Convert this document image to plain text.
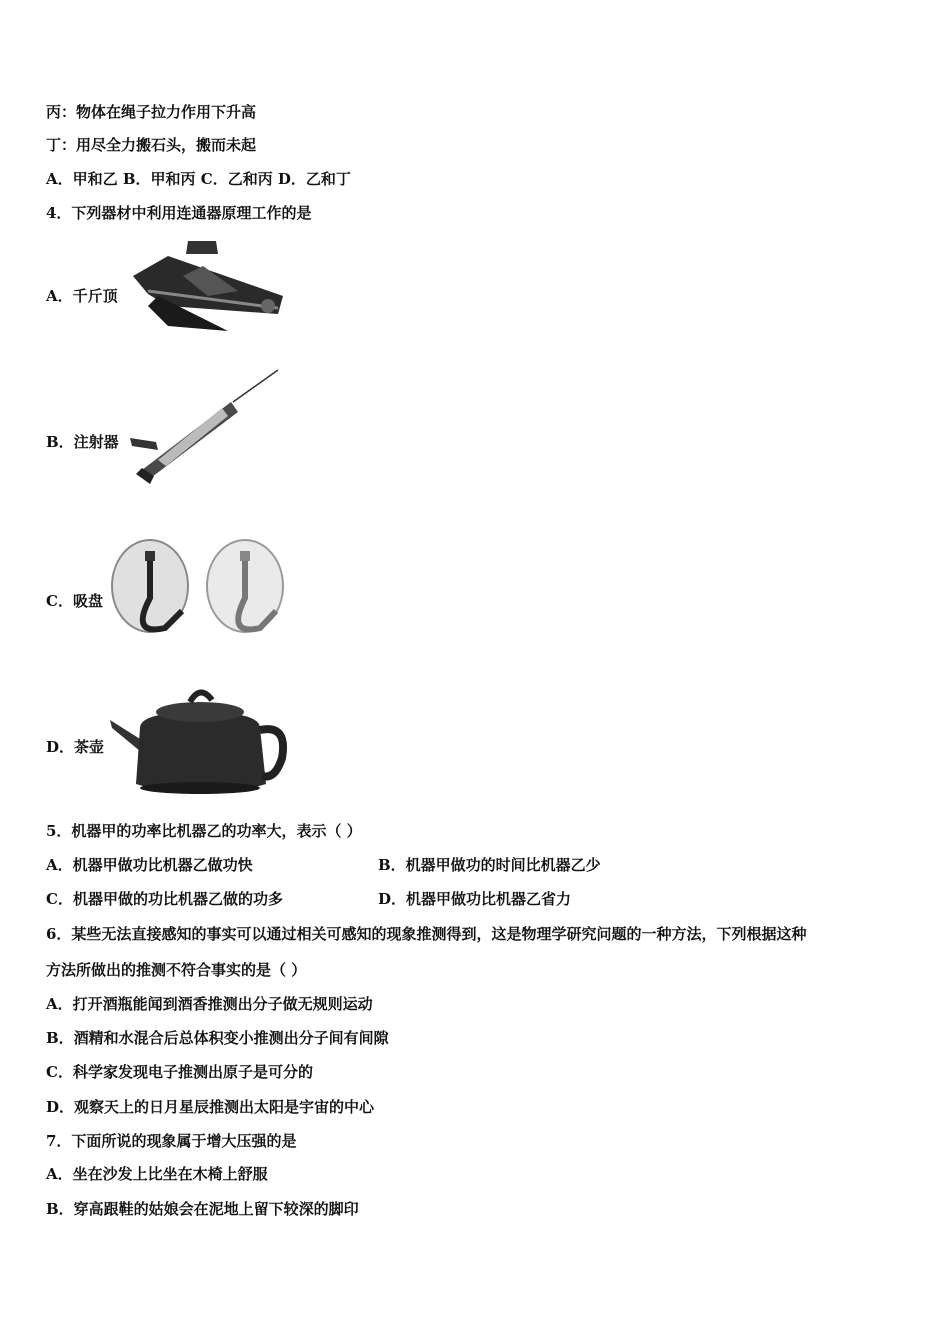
丙：物体在绳子拉力作用下升高
丁：用尽全力搬石头，搬而未起
A．甲和乙 B．甲和丙 C．乙和丙 D．乙和丁
4．下列器材中利用连通器原理工作的是
A．千斤顶
B．注射器
C．吸盘
D．茶壶
5．机器甲的功率比机器乙的功率大，表示（ ）
A．机器甲做功比机器乙做功快	B．机器甲做功的时间比机器乙少
C．机器甲做的功比机器乙做的功多	D．机器甲做功比机器乙省力
6．某些无法直接感知的事实可以通过相关可感知的现象推测得到，这是物理学研究问题的一种方法，下列根据这种
方法所做出的推测不符合事实的是（ ）
A．打开酒瓶能闻到酒香推测出分子做无规则运动
B．酒精和水混合后总体积变小推测出分子间有间隙
C．科学家发现电子推测出原子是可分的
D．观察天上的日月星辰推测出太阳是宇宙的中心
7．下面所说的现象属于增大压强的是
A．坐在沙发上比坐在木椅上舒服
B．穿高跟鞋的姑娘会在泥地上留下较深的脚印
